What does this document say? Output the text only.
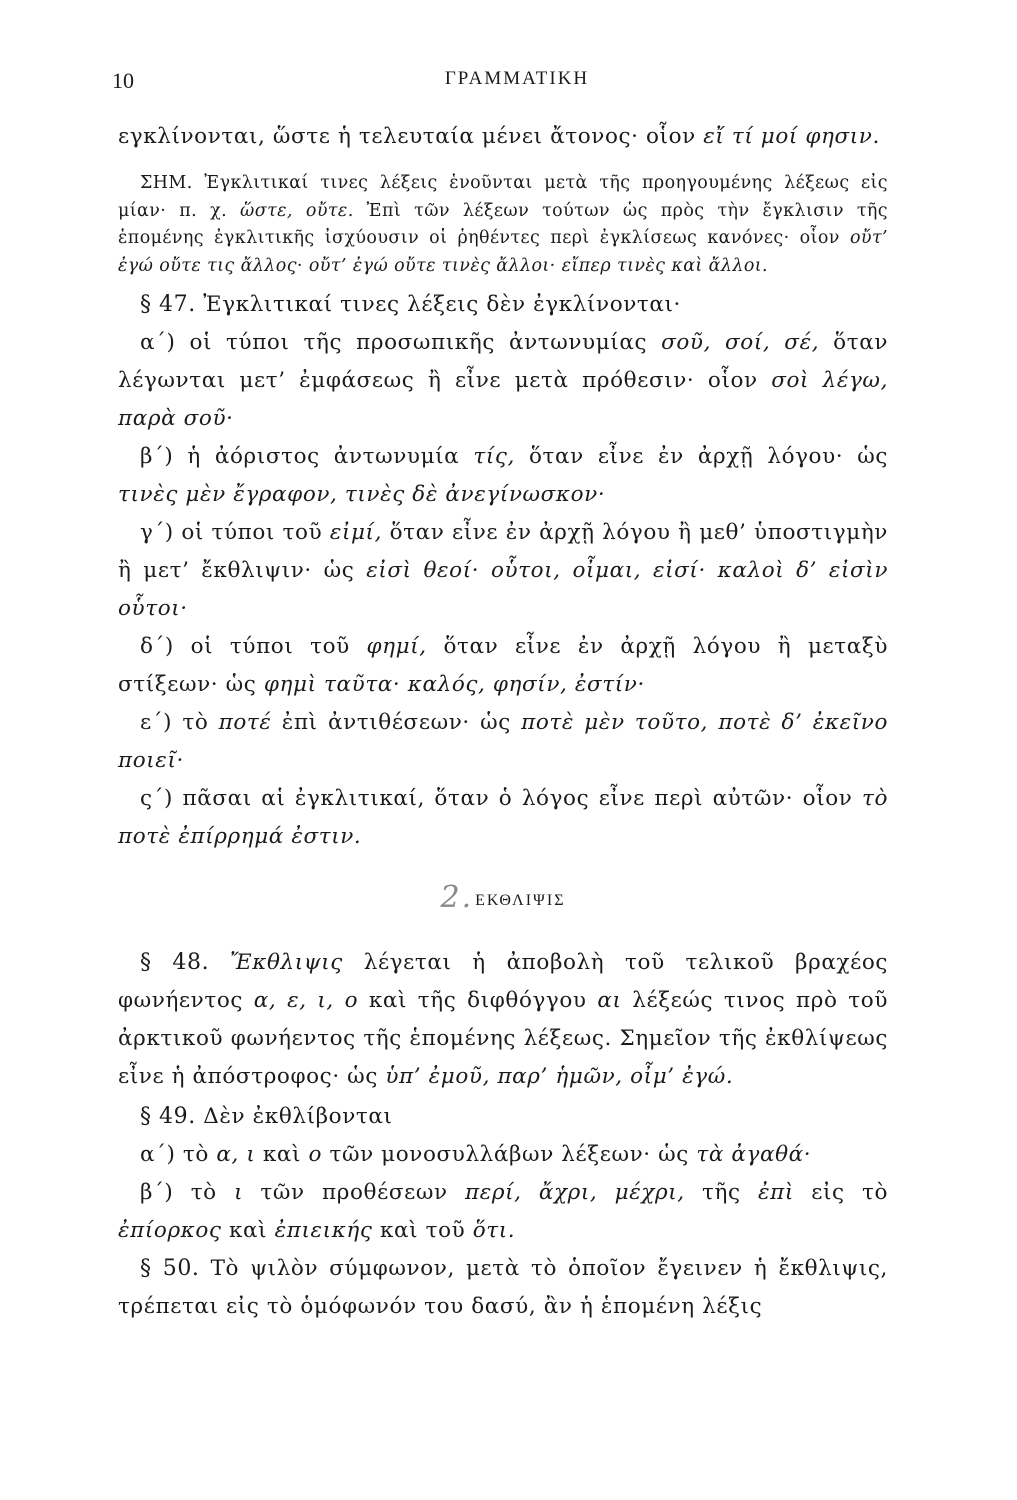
10	ΓΡΑΜΜΑΤΙΚΗ

εγκλίνονται, ὥστε ἡ τελευταία μένει ἄτονος· οἷον εἴ τί μοί φησιν.

ΣΗΜ. Ἐγκλιτικαί τινες λέξεις ἑνοῦνται μετὰ τῆς προηγουμένης λέξεως εἰς μίαν· π. χ. ὥστε, οὔτε. Ἐπὶ τῶν λέξεων τούτων ὡς πρὸς τὴν ἔγκλισιν τῆς ἑπομένης ἐγκλιτικῆς ἰσχύουσιν οἱ ῥηθέντες περὶ ἐγκλίσεως κανόνες· οἷον οὔτ’ ἐγώ οὔτε τις ἄλλος· οὔτ’ ἐγώ οὔτε τινὲς ἄλλοι· εἴπερ τινὲς καὶ ἄλλοι.

§ 47. Ἐγκλιτικαί τινες λέξεις δὲν ἐγκλίνονται·

α΄) οἱ τύποι τῆς προσωπικῆς ἀντωνυμίας σοῦ, σοί, σέ, ὅταν λέγωνται μετ’ ἐμφάσεως ἢ εἶνε μετὰ πρόθεσιν· οἷον σοὶ λέγω, παρὰ σοῦ·

β΄) ἡ ἀόριστος ἀντωνυμία τίς, ὅταν εἶνε ἐν ἀρχῇ λόγου· ὡς τινὲς μὲν ἔγραφον, τινὲς δὲ ἀνεγίνωσκον·

γ΄) οἱ τύποι τοῦ εἰμί, ὅταν εἶνε ἐν ἀρχῇ λόγου ἢ μεθ’ ὑποστιγμὴν ἢ μετ’ ἔκθλιψιν· ὡς εἰσὶ θεοί· οὗτοι, οἶμαι, εἰσί· καλοὶ δ’ εἰσὶν οὗτοι·

δ΄) οἱ τύποι τοῦ φημί, ὅταν εἶνε ἐν ἀρχῇ λόγου ἢ μεταξὺ στίξεων· ὡς φημὶ ταῦτα· καλός, φησίν, ἐστίν·

ε΄) τὸ ποτέ ἐπὶ ἀντιθέσεων· ὡς ποτὲ μὲν τοῦτο, ποτὲ δ’ ἐκεῖνο ποιεῖ·

ς΄) πᾶσαι αἱ ἐγκλιτικαί, ὅταν ὁ λόγος εἶνε περὶ αὐτῶν· οἷον τὸ ποτὲ ἐπίρρημά ἐστιν.

2. ΕΚΘΛΙΨΙΣ

§ 48. Ἔκθλιψις λέγεται ἡ ἀποβολὴ τοῦ τελικοῦ βραχέος φωνήεντος α, ε, ι, ο καὶ τῆς διφθόγγου αι λέξεώς τινος πρὸ τοῦ ἀρκτικοῦ φωνήεντος τῆς ἑπομένης λέξεως. Σημεῖον τῆς ἐκθλίψεως εἶνε ἡ ἀπόστροφος· ὡς ὑπ’ ἐμοῦ, παρ’ ἡμῶν, οἶμ’ ἐγώ.

§ 49. Δὲν ἐκθλίβονται

α΄) τὸ α, ι καὶ ο τῶν μονοσυλλάβων λέξεων· ὡς τὰ ἀγαθά·

β΄) τὸ ι τῶν προθέσεων περί, ἄχρι, μέχρι, τῆς ἐπὶ εἰς τὸ ἐπίορκος καὶ ἐπιεικής καὶ τοῦ ὅτι.

§ 50. Τὸ ψιλὸν σύμφωνον, μετὰ τὸ ὁποῖον ἔγεινεν ἡ ἔκθλιψις, τρέπεται εἰς τὸ ὁμόφωνόν του δασύ, ἂν ἡ ἑπομένη λέξις
